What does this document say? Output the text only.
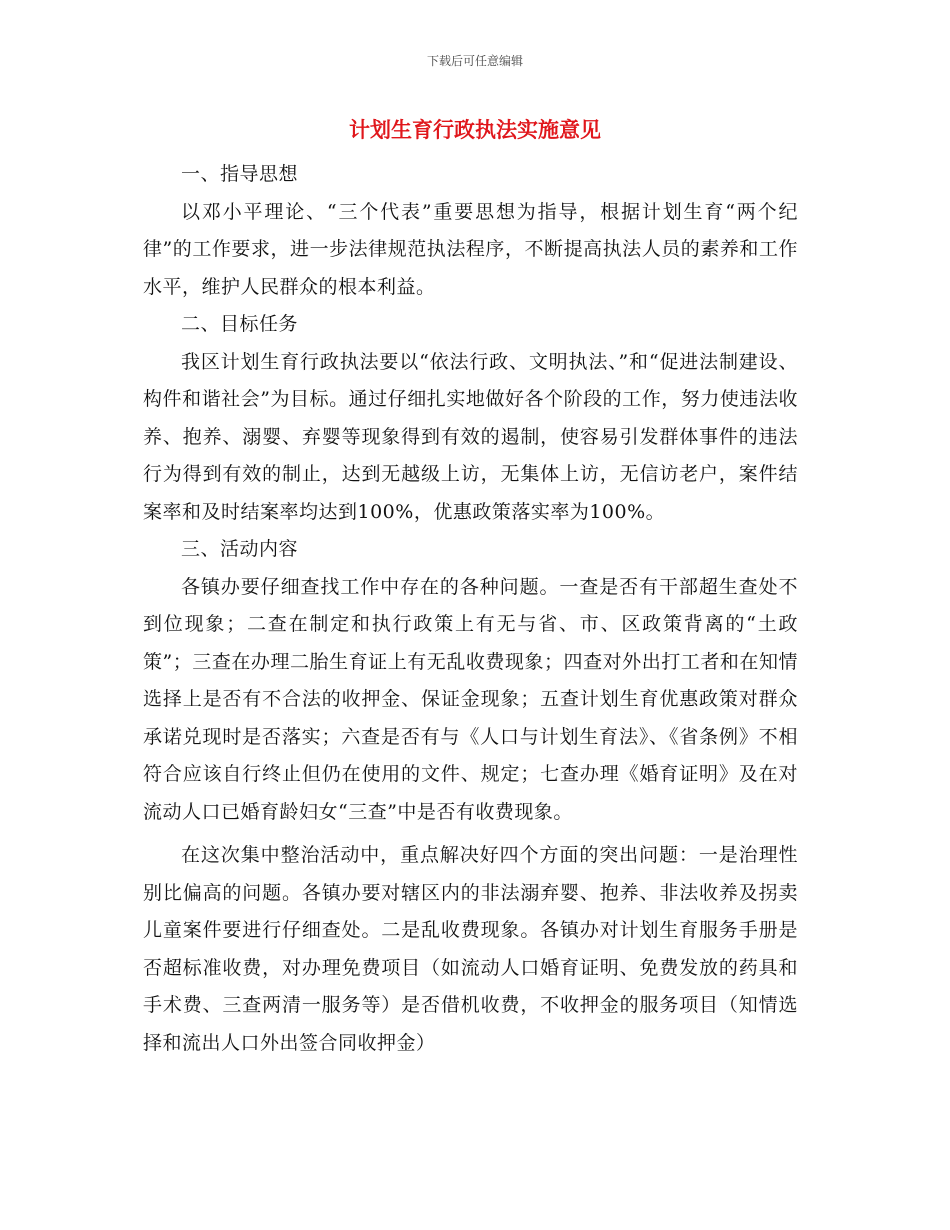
下载后可任意编辑
计划生育行政执法实施意见

一、指导思想

以邓小平理论、“三个代表”重要思想为指导，根据计划生育“两个纪律”的工作要求，进一步法律规范执法程序，不断提高执法人员的素养和工作水平，维护人民群众的根本利益。

二、目标任务

我区计划生育行政执法要以“依法行政、文明执法、”和“促进法制建设、构件和谐社会”为目标。通过仔细扎实地做好各个阶段的工作，努力使违法收养、抱养、溺婴、弃婴等现象得到有效的遏制，使容易引发群体事件的违法行为得到有效的制止，达到无越级上访，无集体上访，无信访老户，案件结案率和及时结案率均达到100%，优惠政策落实率为100%。

三、活动内容

各镇办要仔细查找工作中存在的各种问题。一查是否有干部超生查处不到位现象；二查在制定和执行政策上有无与省、市、区政策背离的“土政策”；三查在办理二胎生育证上有无乱收费现象；四查对外出打工者和在知情选择上是否有不合法的收押金、保证金现象；五查计划生育优惠政策对群众承诺兑现时是否落实；六查是否有与《人口与计划生育法》、《省条例》不相符合应该自行终止但仍在使用的文件、规定；七查办理《婚育证明》及在对流动人口已婚育龄妇女“三查”中是否有收费现象。

在这次集中整治活动中，重点解决好四个方面的突出问题：一是治理性别比偏高的问题。各镇办要对辖区内的非法溺弃婴、抱养、非法收养及拐卖儿童案件要进行仔细查处。二是乱收费现象。各镇办对计划生育服务手册是否超标准收费，对办理免费项目（如流动人口婚育证明、免费发放的药具和手术费、三查两清一服务等）是否借机收费，不收押金的服务项目（知情选择和流出人口外出签合同收押金）
